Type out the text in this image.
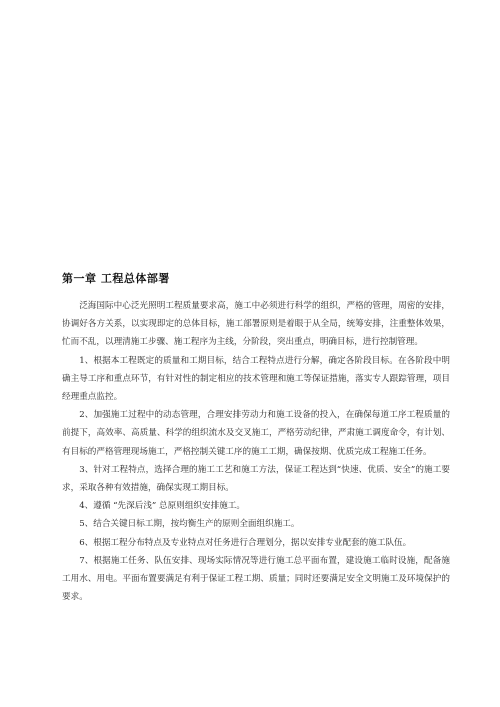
第一章 工程总体部署

泛海国际中心泛光照明工程质量要求高，施工中必须进行科学的组织，严格的管理，周密的安排，协调好各方关系，以实现即定的总体目标，施工部署原则是着眼于从全局，统筹安排，注重整体效果，忙而不乱，以理清施工步骤、施工程序为主线，分阶段，突出重点，明确目标，进行控制管理。

1、根据本工程既定的质量和工期目标，结合工程特点进行分解，确定各阶段目标。在各阶段中明确主导工序和重点环节，有针对性的制定相应的技术管理和施工等保证措施，落实专人跟踪管理，项目经理重点监控。

2、加强施工过程中的动态管理，合理安排劳动力和施工设备的投入，在确保每道工序工程质量的前提下，高效率、高质量、科学的组织流水及交叉施工，严格劳动纪律，严肃施工调度命令，有计划、有目标的严格管理现场施工，严格控制关键工序的施工工期，确保按期、优质完成工程施工任务。

3、针对工程特点，选择合理的施工工艺和施工方法，保证工程达到“快速、优质、安全”的施工要求，采取各种有效措施，确保实现工期目标。

4、遵循 “先深后浅” 总原则组织安排施工。

5、结合关键日标工期，按均衡生产的原则全面组织施工。

6、根据工程分布特点及专业特点对任务进行合理划分，据以安排专业配套的施工队伍。

7、根据施工任务、队伍安排、现场实际情况等进行施工总平面布置，建设施工临时设施，配备施工用水、用电。平面布置要满足有利于保证工程工期、质量；同时还要满足安全文明施工及环境保护的要求。
